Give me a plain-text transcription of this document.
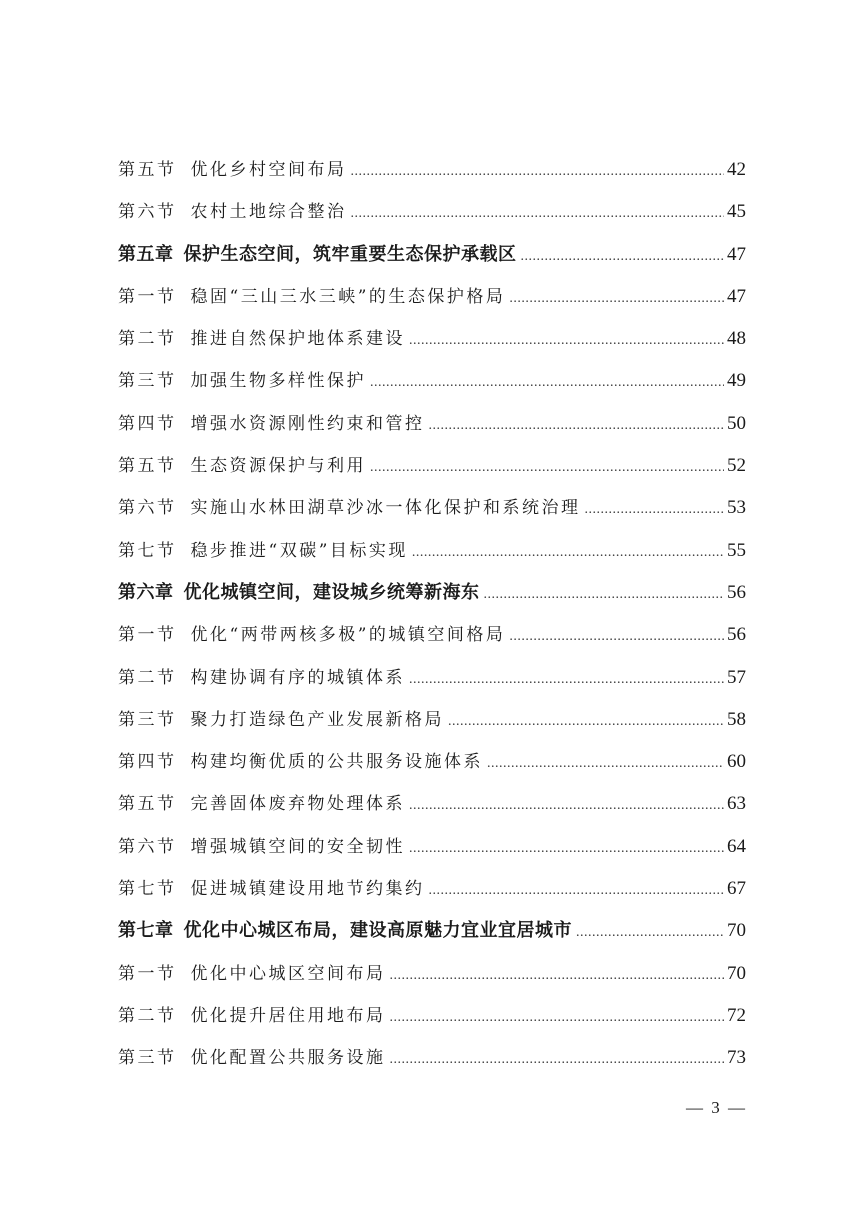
第五节 优化乡村空间布局 .....	42
第六节 农村土地综合整治 .....	45
第五章 保护生态空间，筑牢重要生态保护承载区 .....	47
第一节 稳固“三山三水三峡”的生态保护格局 .....	47
第二节 推进自然保护地体系建设 .....	48
第三节 加强生物多样性保护 .....	49
第四节 增强水资源刚性约束和管控 .....	50
第五节 生态资源保护与利用 .....	52
第六节 实施山水林田湖草沙冰一体化保护和系统治理 .....	53
第七节 稳步推进“双碳”目标实现 .....	55
第六章 优化城镇空间，建设城乡统筹新海东 .....	56
第一节 优化“两带两核多极”的城镇空间格局 .....	56
第二节 构建协调有序的城镇体系 .....	57
第三节 聚力打造绿色产业发展新格局 .....	58
第四节 构建均衡优质的公共服务设施体系 .....	60
第五节 完善固体废弃物处理体系 .....	63
第六节 增强城镇空间的安全韧性 .....	64
第七节 促进城镇建设用地节约集约 .....	67
第七章 优化中心城区布局，建设高原魅力宜业宜居城市 .....	70
第一节 优化中心城区空间布局 .....	70
第二节 优化提升居住用地布局 .....	72
第三节 优化配置公共服务设施 .....	73
— 3 —
